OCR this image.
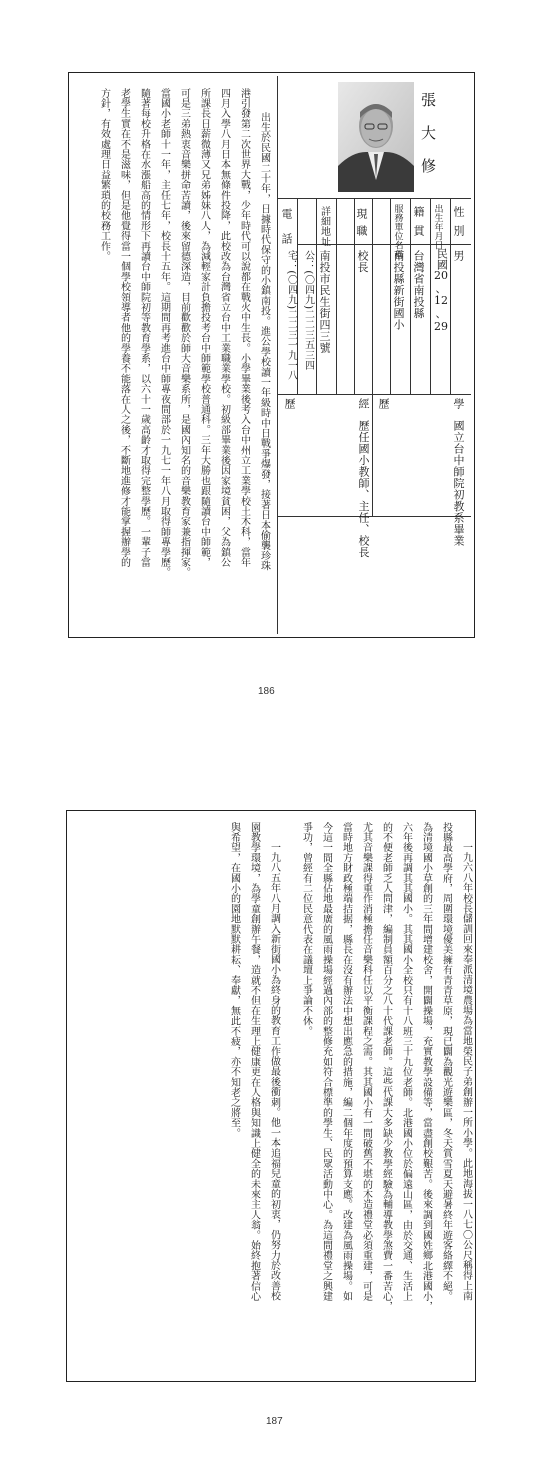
張大修
性別
出生年月日
籍貫
服務單位名稱
現職
詳細地址
電話	男
民國
20
、
12
、
29
台灣省南投縣
南投縣新街國小
校長
南投市民生街四三號
公：(〇四九)二二三五三四
宅：(〇四九)二二三一九一八
學
歷
經
歷
國立台中師院初教系畢業
歷任國小教師、主任、校長
出生於民國二十年，日據時代保守的小鎮南投。進公學校讀一年級時中日戰爭爆發，接著日本偷襲珍珠
港引發第二次世界大戰，少年時代可以說都在戰火中生長。小學畢業後考入台中州立工業學校土木科，當年
四月入學八月日本無條件投降，此校改為台灣省立台中工業職業學校。初級部畢業後因家境貧困，父為鎮公
所課長日薪微薄又兄弟姊妹八人，為減輕家計負擔投考台中師範學校普通科。三年大勝也跟隨讀台中師範，
可是三弟熱衷音樂拼命苦讀，後來留德深造，目前歡歡於師大音樂系所，是國內知名的音樂教育家兼指揮家。
當國小老師十一年，主任七年，校長十五年。這期間再考進台中師專夜間部於一九七一年八月取得師專學歷。
隨著每校升格在水漲船高的情形下再讀台中師院初等教育學系，以六十一歲高齡才取得完整學歷。一輩子當
老學生實在不是滋味，但是他覺得當一個學校領導者他的學養不能落在人之後，不斷地進修才能掌握辦學的
方針，有效處理日益繁瑣的校務工作。
186
一九六八年校長儲訓回來奉派清境農場為當地榮民子弟創辦一所小學。此地海拔一八七〇公尺稱得上南
投縣最高學府，周圍環境優美擁有青青草原，現已闢為觀光遊樂區，冬天賞雪夏天避暑終年遊客絡繹不絕。
為清境國小草創的三年間增建校舍，開闢操場，充實教學設備等，當盡創校艱苦。後來調到國姓鄉北港國小，
六年後再調其其國小。其其國小全校只有十八班三十九位老師。北港國小位於偏遠山區，由於交通、生活上
的不便老師乏人問津，編制員額百分之八十代課老師。這些代課大多缺少教學經驗為輔導教學煞費一番苦心，
尤其音樂課得重作消極擔任音樂科任以平衡課程之需。其其國小有一間破舊不堪的木造禮堂必須重建，可是
當時地方財政極端拮据，縣長在沒有辦法中想出應急的措施，編二個年度的預算支應。改建為風雨操場。如
今這一間全縣佔地最廣的風雨操場經過內部的整修充如符合標準的學生、民眾活動中心。為這間禮堂之興建
爭功，曾經有二位民意代表在議壇上爭論不休。
一九八五年八月調入新街國小為終身的教育工作做最後衝刺。他一本追福兒童的初衷，仍努力於改善校
園教學環境，為學童創辦午餐，造就不但在生理上健康更在人格與知識上健全的未來主人翁。始終抱著信心
與希望，在國小的園地默默耕耘、奉獻，無此不疲，亦不知老之將至。
187
